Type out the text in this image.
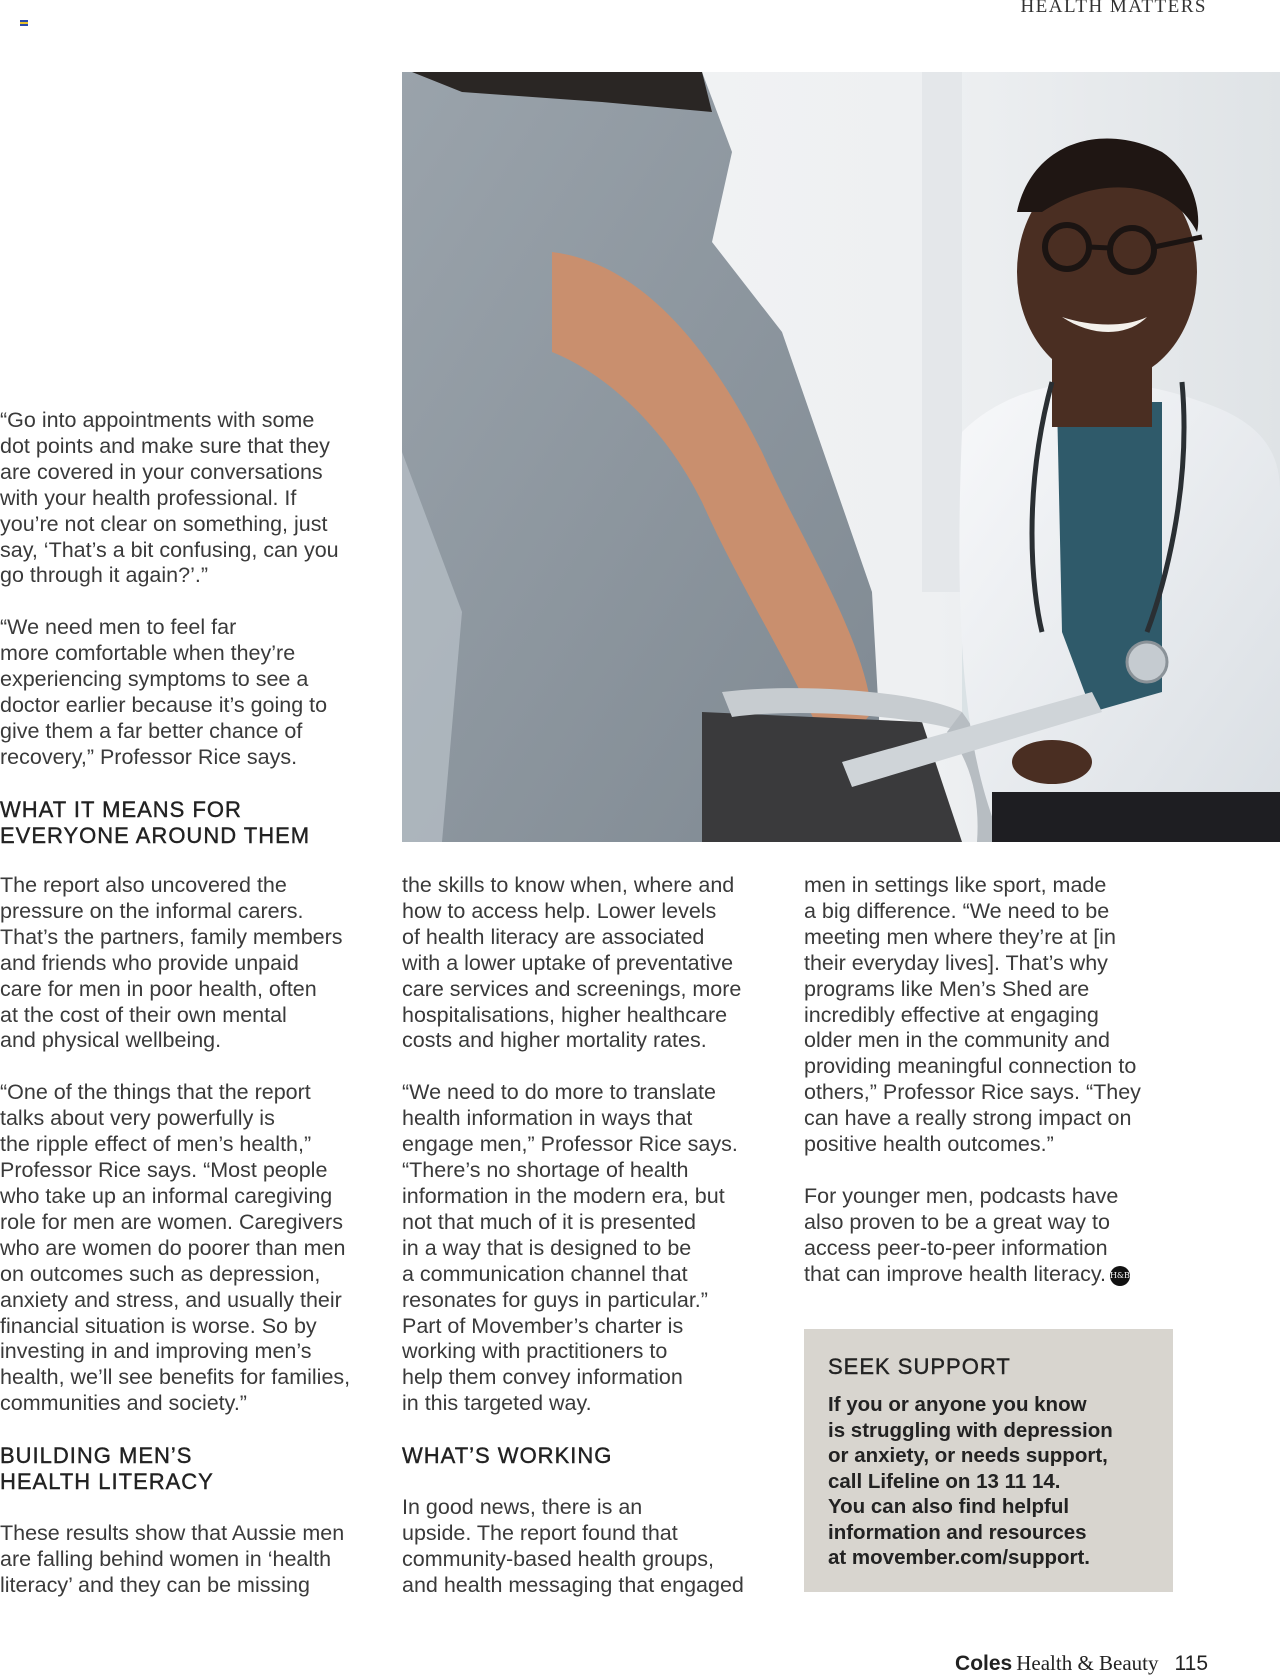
HEALTH MATTERS

“Go into appointments with some
dot points and make sure that they
are covered in your conversations
with your health professional. If
you’re not clear on something, just
say, ‘That’s a bit confusing, can you
go through it again?’.”

“We need men to feel far
more comfortable when they’re
experiencing symptoms to see a
doctor earlier because it’s going to
give them a far better chance of
recovery,” Professor Rice says.

WHAT IT MEANS FOR
EVERYONE AROUND THEM

The report also uncovered the
pressure on the informal carers.
That’s the partners, family members
and friends who provide unpaid
care for men in poor health, often
at the cost of their own mental
and physical wellbeing.

“One of the things that the report
talks about very powerfully is
the ripple effect of men’s health,”
Professor Rice says. “Most people
who take up an informal caregiving
role for men are women. Caregivers
who are women do poorer than men
on outcomes such as depression,
anxiety and stress, and usually their
financial situation is worse. So by
investing in and improving men’s
health, we’ll see benefits for families,
communities and society.”

BUILDING MEN’S
HEALTH LITERACY

These results show that Aussie men
are falling behind women in ‘health
literacy’ and they can be missing

the skills to know when, where and
how to access help. Lower levels
of health literacy are associated
with a lower uptake of preventative
care services and screenings, more
hospitalisations, higher healthcare
costs and higher mortality rates.

“We need to do more to translate
health information in ways that
engage men,” Professor Rice says.
“There’s no shortage of health
information in the modern era, but
not that much of it is presented
in a way that is designed to be
a communication channel that
resonates for guys in particular.”
Part of Movember’s charter is
working with practitioners to
help them convey information
in this targeted way.

WHAT’S WORKING

In good news, there is an
upside. The report found that
community-based health groups,
and health messaging that engaged

men in settings like sport, made
a big difference. “We need to be
meeting men where they’re at [in
their everyday lives]. That’s why
programs like Men’s Shed are
incredibly effective at engaging
older men in the community and
providing meaningful connection to
others,” Professor Rice says. “They
can have a really strong impact on
positive health outcomes.”

For younger men, podcasts have
also proven to be a great way to
access peer-to-peer information
that can improve health literacy. H&B

SEEK SUPPORT

If you or anyone you know
is struggling with depression
or anxiety, or needs support,
call Lifeline on 13 11 14.
You can also find helpful
information and resources
at movember.com/support.

Coles Health & Beauty 115
